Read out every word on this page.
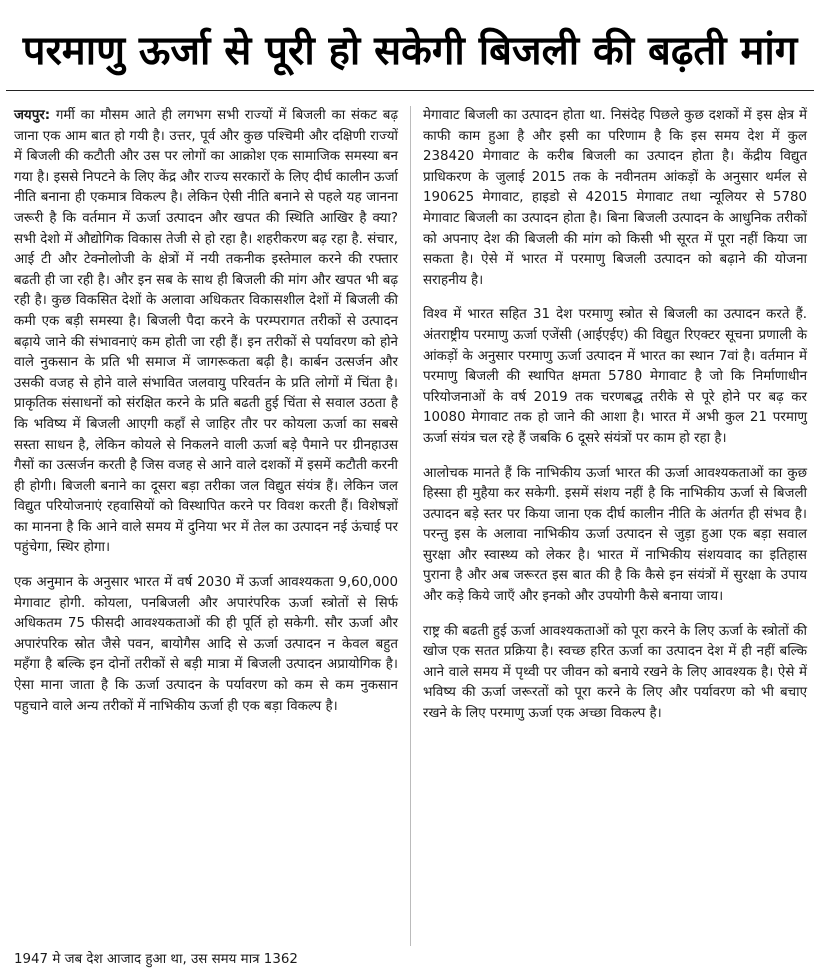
परमाणु ऊर्जा से पूरी हो सकेगी बिजली की बढ़ती मांग

जयपुर: गर्मी का मौसम आते ही लगभग सभी राज्यों में बिजली का संकट बढ़ जाना एक आम बात हो गयी है। उत्तर, पूर्व और कुछ पश्चिमी और दक्षिणी राज्यों में बिजली की कटौती और उस पर लोगों का आक्रोश एक सामाजिक समस्या बन गया है। इससे निपटने के लिए केंद्र और राज्य सरकारों के लिए दीर्घ कालीन ऊर्जा नीति बनाना ही एकमात्र विकल्प है। लेकिन ऐसी नीति बनाने से पहले यह जानना जरूरी है कि वर्तमान में ऊर्जा उत्पादन और खपत की स्थिति आखिर है क्या? सभी देशो में औद्योगिक विकास तेजी से हो रहा है। शहरीकरण बढ़ रहा है. संचार, आई टी और टेक्नोलोजी के क्षेत्रों में नयी तकनीक इस्तेमाल करने की रफ्तार बढती ही जा रही है। और इन सब के साथ ही बिजली की मांग और खपत भी बढ़ रही है। कुछ विकसित देशों के अलावा अधिकतर विकासशील देशों में बिजली की कमी एक बड़ी समस्या है। बिजली पैदा करने के परम्परागत तरीकों से उत्पादन बढ़ाये जाने की संभावनाएं कम होती जा रही हैं। इन तरीकों से पर्यावरण को होने वाले नुकसान के प्रति भी समाज में जागरूकता बढ़ी है। कार्बन उत्सर्जन और उसकी वजह से होने वाले संभावित जलवायु परिवर्तन के प्रति लोगों में चिंता है। प्राकृतिक संसाधनों को संरक्षित करने के प्रति बढती हुई चिंता से सवाल उठता है कि भविष्य में बिजली आएगी कहाँ से जाहिर तौर पर कोयला ऊर्जा का सबसे सस्ता साधन है, लेकिन कोयले से निकलने वाली ऊर्जा बड़े पैमाने पर ग्रीनहाउस गैसों का उत्सर्जन करती है जिस वजह से आने वाले दशकों में इसमें कटौती करनी ही होगी। बिजली बनाने का दूसरा बड़ा तरीका जल विद्युत संयंत्र हैं। लेकिन जल विद्युत परियोजनाएं रहवासियों को विस्थापित करने पर विवश करती हैं। विशेषज्ञों का मानना है कि आने वाले समय में दुनिया भर में तेल का उत्पादन नई ऊंचाई पर पहुंचेगा, स्थिर होगा।

एक अनुमान के अनुसार भारत में वर्ष 2030 में ऊर्जा आवश्यकता 9,60,000 मेगावाट होगी. कोयला, पनबिजली और अपारंपरिक ऊर्जा स्त्रोतों से सिर्फ अधिकतम 75 फीसदी आवश्यकताओं की ही पूर्ति हो सकेगी. सौर ऊर्जा और अपारंपरिक स्रोत जैसे पवन, बायोगैस आदि से ऊर्जा उत्पादन न केवल बहुत महँगा है बल्कि इन दोनों तरीकों से बड़ी मात्रा में बिजली उत्पादन अप्रायोगिक है। ऐसा माना जाता है कि ऊर्जा उत्पादन के पर्यावरण को कम से कम नुकसान पहुचाने वाले अन्य तरीकों में नाभिकीय ऊर्जा ही एक बड़ा विकल्प है।

1947 मे जब देश आजाद हुआ था, उस समय मात्र 1362

मेगावाट बिजली का उत्पादन होता था. निसंदेह पिछले कुछ दशकों में इस क्षेत्र में काफी काम हुआ है और इसी का परिणाम है कि इस समय देश में कुल 238420 मेगावाट के करीब बिजली का उत्पादन होता है। केंद्रीय विद्युत प्राधिकरण के जुलाई 2015 तक के नवीनतम आंकड़ों के अनुसार थर्मल से 190625 मेगावाट, हाइडो से 42015 मेगावाट तथा न्यूलियर से 5780 मेगावाट बिजली का उत्पादन होता है। बिना बिजली उत्पादन के आधुनिक तरीकों को अपनाए देश की बिजली की मांग को किसी भी सूरत में पूरा नहीं किया जा सकता है। ऐसे में भारत में परमाणु बिजली उत्पादन को बढ़ाने की योजना सराहनीय है।

विश्व में भारत सहित 31 देश परमाणु स्त्रोत से बिजली का उत्पादन करते हैं. अंतराष्ट्रीय परमाणु ऊर्जा एजेंसी (आईएईए) की विद्युत रिएक्टर सूचना प्रणाली के आंकड़ों के अनुसार परमाणु ऊर्जा उत्पादन में भारत का स्थान 7वां है। वर्तमान में परमाणु बिजली की स्थापित क्षमता 5780 मेगावाट है जो कि निर्माणाधीन परियोजनाओं के वर्ष 2019 तक चरणबद्ध तरीके से पूरे होने पर बढ़ कर 10080 मेगावाट तक हो जाने की आशा है। भारत में अभी कुल 21 परमाणु ऊर्जा संयंत्र चल रहे हैं जबकि 6 दूसरे संयंत्रों पर काम हो रहा है।

आलोचक मानते हैं कि नाभिकीय ऊर्जा भारत की ऊर्जा आवश्यकताओं का कुछ हिस्सा ही मुहैया कर सकेगी. इसमें संशय नहीं है कि नाभिकीय ऊर्जा से बिजली उत्पादन बड़े स्तर पर किया जाना एक दीर्घ कालीन नीति के अंतर्गत ही संभव है। परन्तु इस के अलावा नाभिकीय ऊर्जा उत्पादन से जुड़ा हुआ एक बड़ा सवाल सुरक्षा और स्वास्थ्य को लेकर है। भारत में नाभिकीय संशयवाद का इतिहास पुराना है और अब जरूरत इस बात की है कि कैसे इन संयंत्रों में सुरक्षा के उपाय और कड़े किये जाएँ और इनको और उपयोगी कैसे बनाया जाय।

राष्ट्र की बढती हुई ऊर्जा आवश्यकताओं को पूरा करने के लिए ऊर्जा के स्त्रोतों की खोज एक सतत प्रक्रिया है। स्वच्छ हरित ऊर्जा का उत्पादन देश में ही नहीं बल्कि आने वाले समय में पृथ्वी पर जीवन को बनाये रखने के लिए आवश्यक है। ऐसे में भविष्य की ऊर्जा जरूरतों को पूरा करने के लिए और पर्यावरण को भी बचाए रखने के लिए परमाणु ऊर्जा एक अच्छा विकल्प है।
